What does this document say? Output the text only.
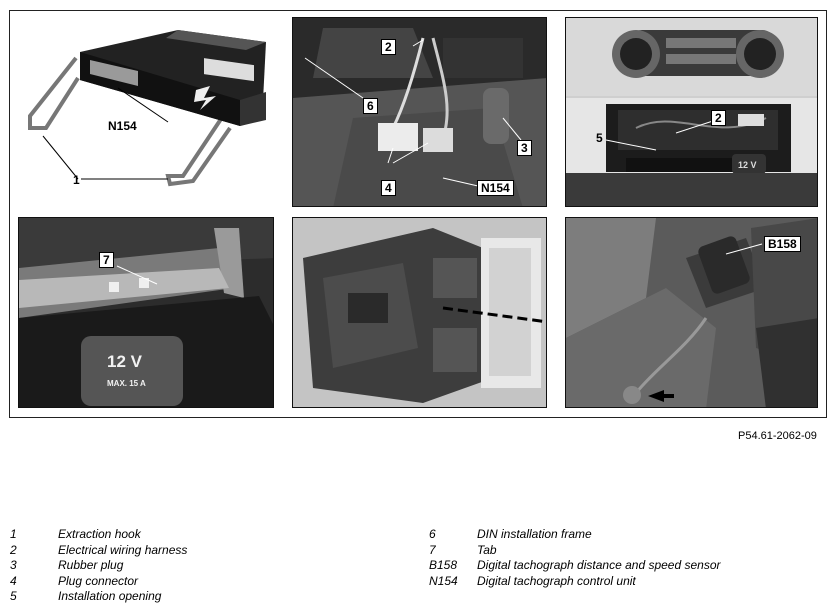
N154
1
2
6
3
4	N154
12 V
2
5
12 V
MAX. 15 A
7
B158
P54.61-2062-09
1	Extraction hook
2	Electrical wiring harness
3	Rubber plug
4	Plug connector
5	Installation opening
6	DIN installation frame
7	Tab
B158 Digital tachograph distance and speed sensor
N154 Digital tachograph control unit
